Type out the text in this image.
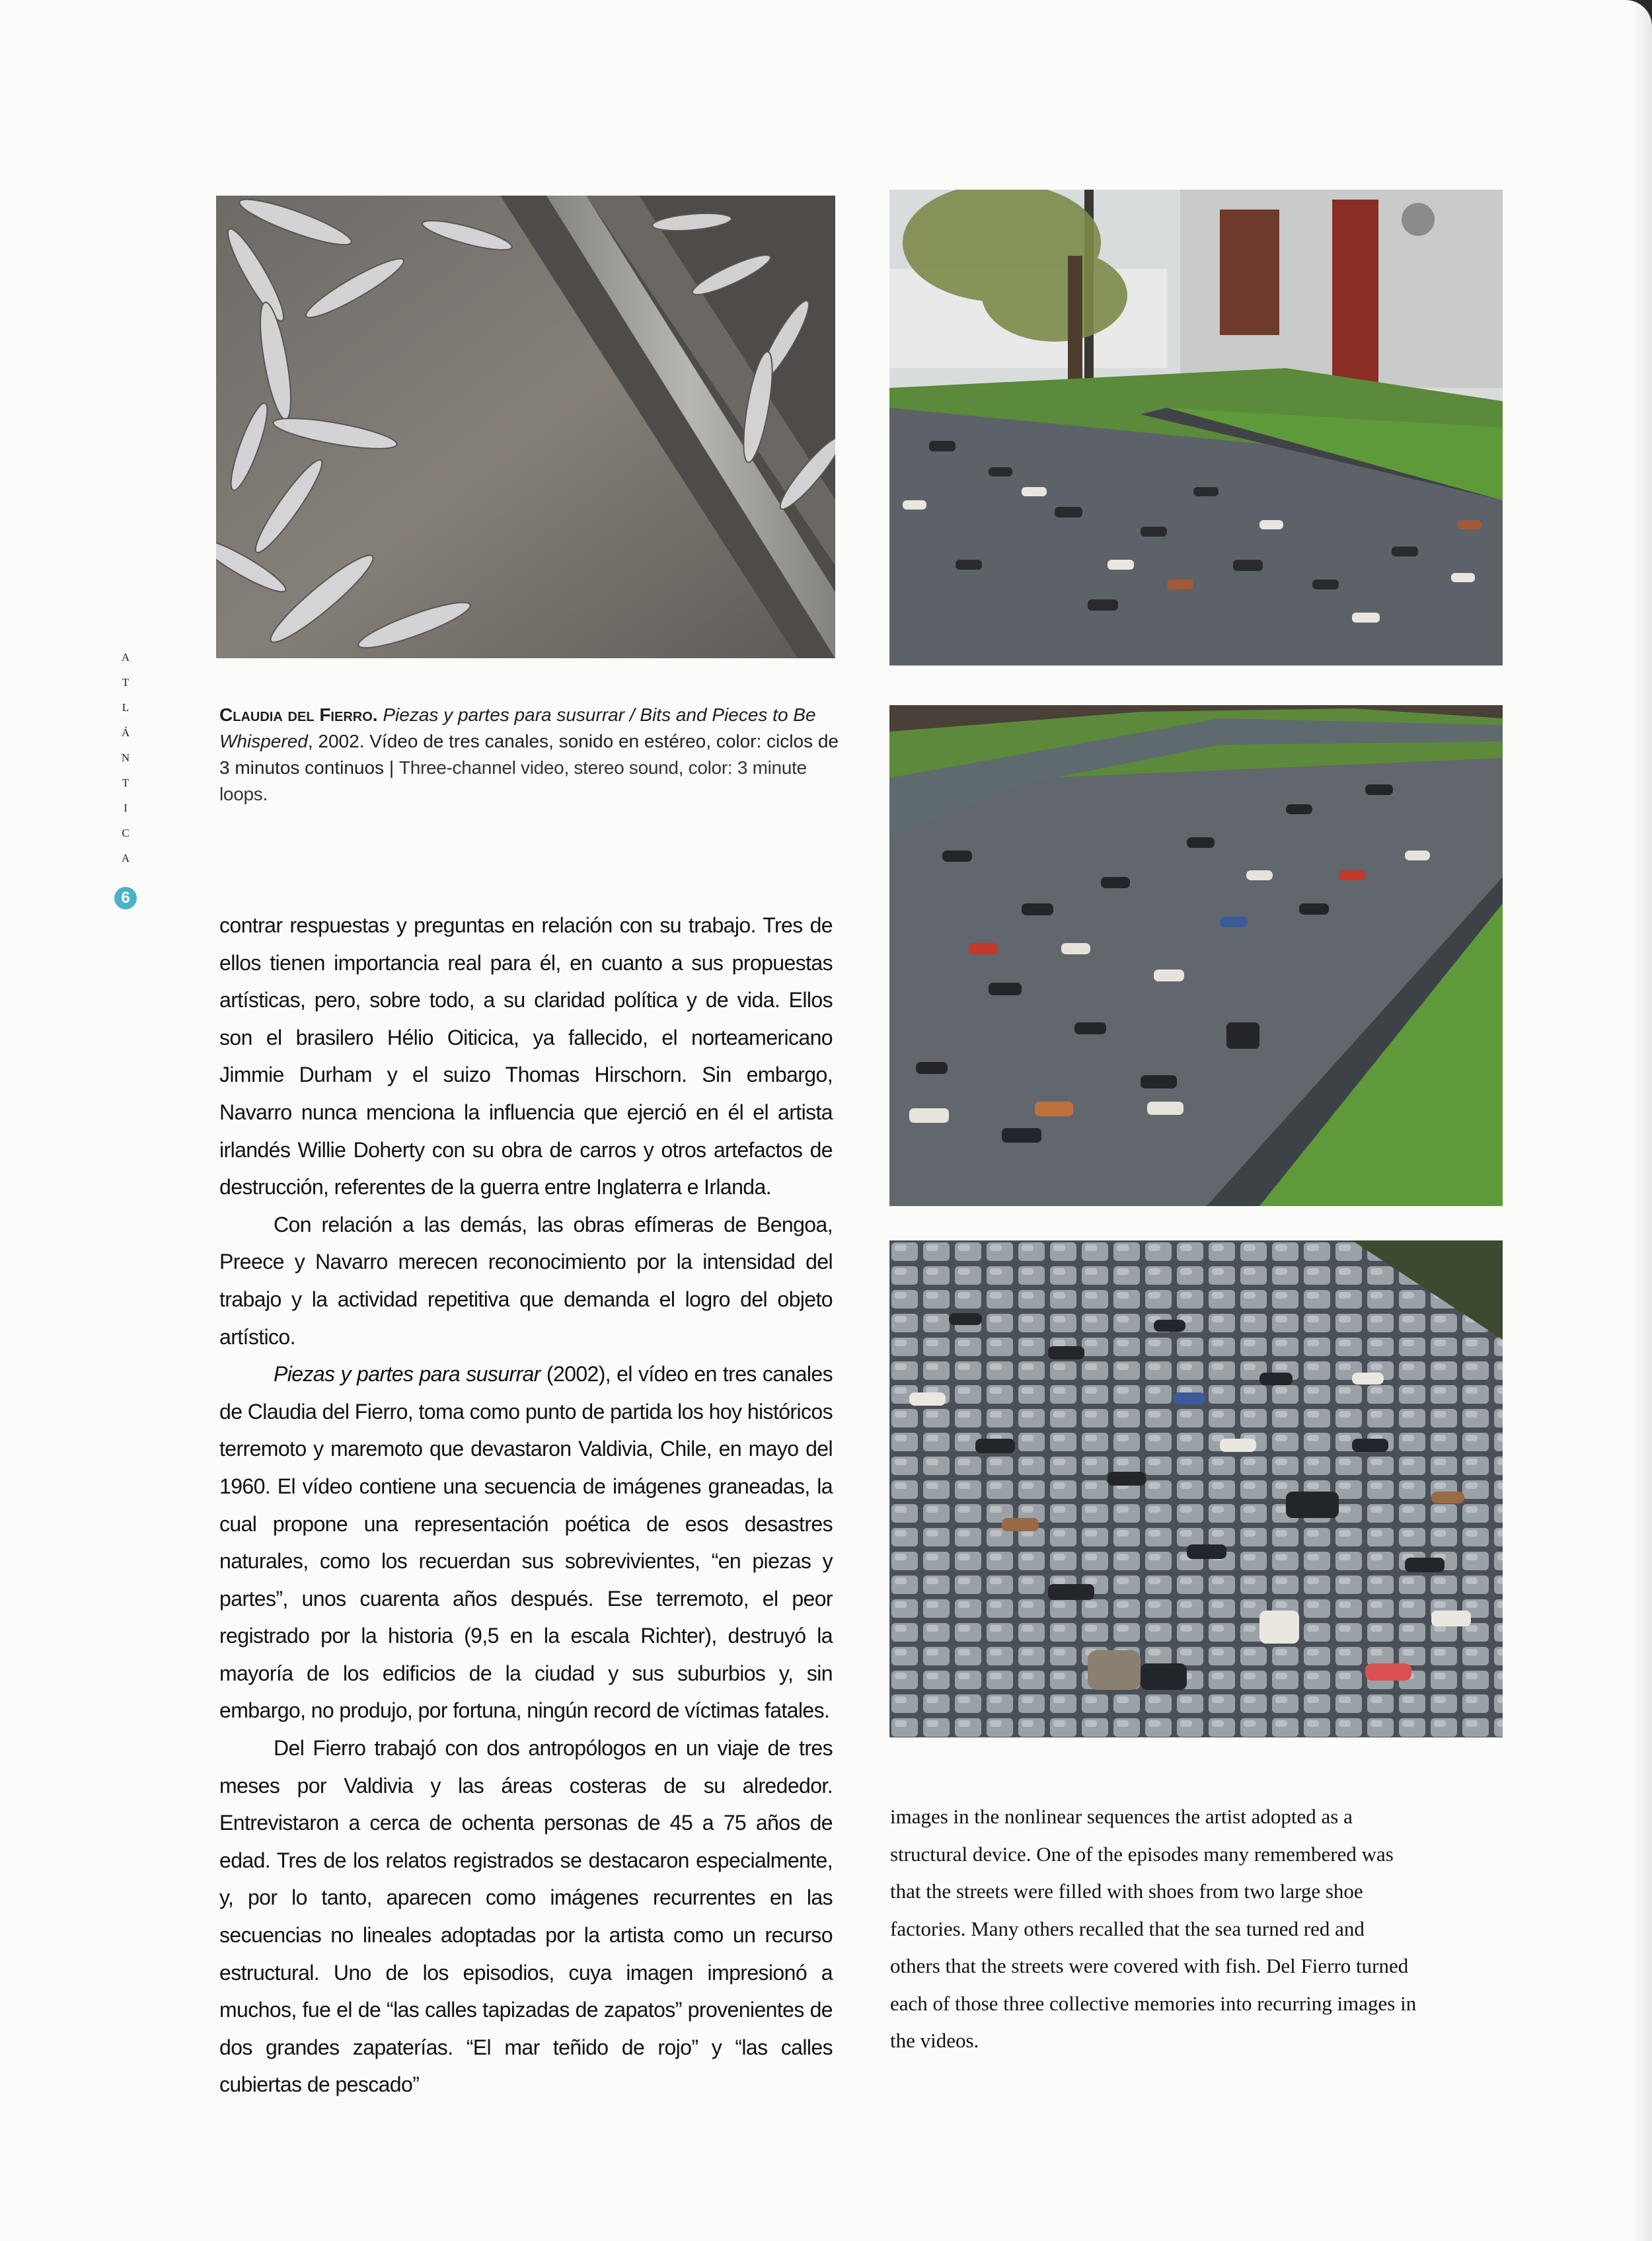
Claudia del Fierro. Piezas y partes para susurrar / Bits and Pieces to Be Whispered, 2002. Vídeo de tres canales, sonido en estéreo, color: ciclos de 3 minutos continuos | Three-channel video, stereo sound, color: 3 minute loops.
A
T
L
Á
N
T
I
C
A
6

contrar respuestas y preguntas en relación con su trabajo. Tres de ellos tienen importancia real para él, en cuanto a sus propuestas artísticas, pero, sobre todo, a su claridad política y de vida. Ellos son el brasilero Hélio Oiticica, ya fallecido, el norteamericano Jimmie Durham y el suizo Thomas Hirschorn. Sin embargo, Navarro nunca menciona la influencia que ejerció en él el artista irlandés Willie Doherty con su obra de carros y otros artefactos de destrucción, referentes de la guerra entre Inglaterra e Irlanda.

Con relación a las demás, las obras efímeras de Bengoa, Preece y Navarro merecen reconocimiento por la intensidad del trabajo y la actividad repetitiva que demanda el logro del objeto artístico.

Piezas y partes para susurrar (2002), el vídeo en tres canales de Claudia del Fierro, toma como punto de partida los hoy históricos terremoto y maremoto que devastaron Valdivia, Chile, en mayo del 1960. El vídeo contiene una secuencia de imágenes graneadas, la cual propone una representación poética de esos desastres naturales, como los recuerdan sus sobrevivientes, “en piezas y partes”, unos cuarenta años después. Ese terremoto, el peor registrado por la historia (9,5 en la escala Richter), destruyó la mayoría de los edificios de la ciudad y sus suburbios y, sin embargo, no produjo, por fortuna, ningún record de víctimas fatales.

Del Fierro trabajó con dos antropólogos en un viaje de tres meses por Valdivia y las áreas costeras de su alrededor. Entrevistaron a cerca de ochenta personas de 45 a 75 años de edad. Tres de los relatos registrados se destacaron especialmente, y, por lo tanto, aparecen como imágenes recurrentes en las secuencias no lineales adoptadas por la artista como un recurso estructural. Uno de los episodios, cuya imagen impresionó a muchos, fue el de “las calles tapizadas de zapatos” provenientes de dos grandes zapaterías. “El mar teñido de rojo” y “las calles cubiertas de pescado”

images in the nonlinear sequences the artist adopted as a

structural device. One of the episodes many remembered was

that the streets were filled with shoes from two large shoe

factories. Many others recalled that the sea turned red and

others that the streets were covered with fish. Del Fierro turned

each of those three collective memories into recurring images in

the videos.
